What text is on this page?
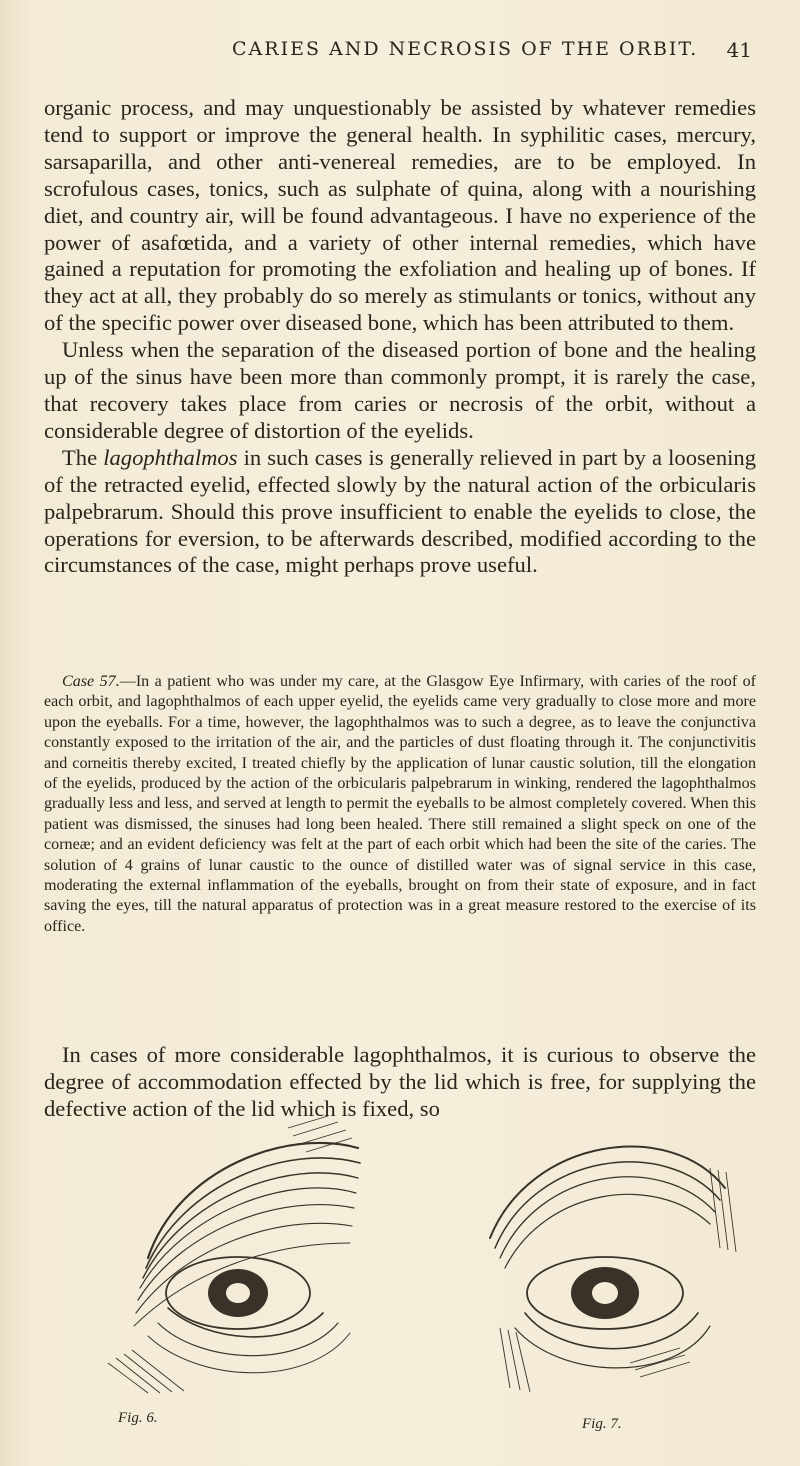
CARIES AND NECROSIS OF THE ORBIT. 41

organic process, and may unquestionably be assisted by whatever remedies tend to support or improve the general health. In syphilitic cases, mercury, sarsaparilla, and other anti-venereal remedies, are to be employed. In scrofulous cases, tonics, such as sulphate of quina, along with a nourishing diet, and country air, will be found advantageous. I have no experience of the power of asafœtida, and a variety of other internal remedies, which have gained a reputation for promoting the exfoliation and healing up of bones. If they act at all, they probably do so merely as stimulants or tonics, without any of the specific power over diseased bone, which has been attributed to them.

Unless when the separation of the diseased portion of bone and the healing up of the sinus have been more than commonly prompt, it is rarely the case, that recovery takes place from caries or necrosis of the orbit, without a considerable degree of distortion of the eyelids.

The lagophthalmos in such cases is generally relieved in part by a loosening of the retracted eyelid, effected slowly by the natural action of the orbicularis palpebrarum. Should this prove insufficient to enable the eyelids to close, the operations for eversion, to be afterwards described, modified according to the circumstances of the case, might perhaps prove useful.

Case 57.—In a patient who was under my care, at the Glasgow Eye Infirmary, with caries of the roof of each orbit, and lagophthalmos of each upper eyelid, the eyelids came very gradually to close more and more upon the eyeballs. For a time, however, the lagophthalmos was to such a degree, as to leave the conjunctiva constantly exposed to the irritation of the air, and the particles of dust floating through it. The conjunctivitis and corneitis thereby excited, I treated chiefly by the application of lunar caustic solution, till the elongation of the eyelids, produced by the action of the orbicularis palpebrarum in winking, rendered the lagophthalmos gradually less and less, and served at length to permit the eyeballs to be almost completely covered. When this patient was dismissed, the sinuses had long been healed. There still remained a slight speck on one of the corneæ; and an evident deficiency was felt at the part of each orbit which had been the site of the caries. The solution of 4 grains of lunar caustic to the ounce of distilled water was of signal service in this case, moderating the external inflammation of the eyeballs, brought on from their state of exposure, and in fact saving the eyes, till the natural apparatus of protection was in a great measure restored to the exercise of its office.

In cases of more considerable lagophthalmos, it is curious to observe the degree of accommodation effected by the lid which is free, for supplying the defective action of the lid which is fixed, so

Fig. 6.	Fig. 7.
